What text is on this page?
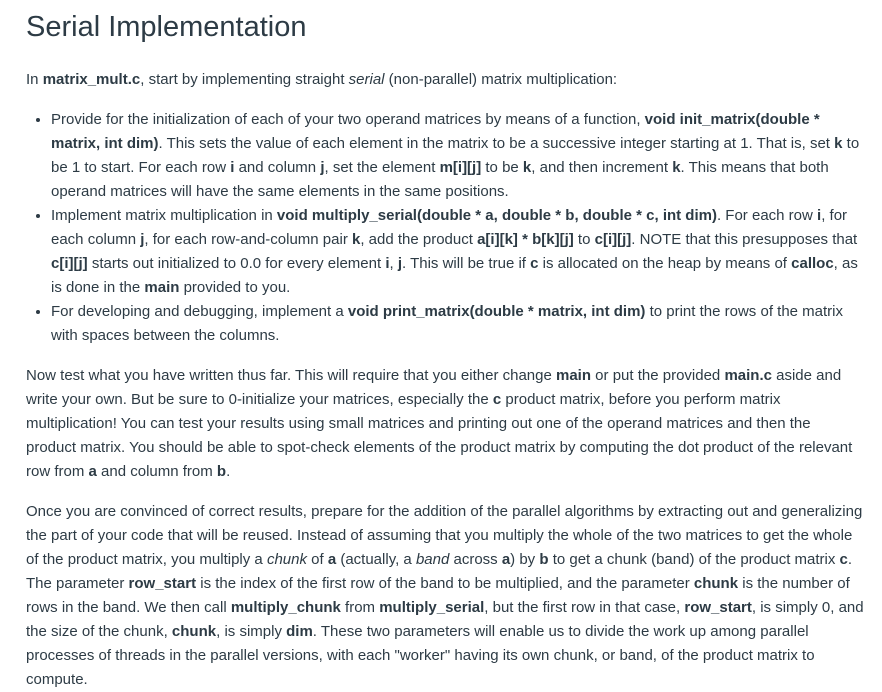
Serial Implementation

In matrix_mult.c, start by implementing straight serial (non-parallel) matrix multiplication:

• Provide for the initialization of each of your two operand matrices by means of a function, void init_matrix(double * matrix, int dim). This sets the value of each element in the matrix to be a successive integer starting at 1. That is, set k to be 1 to start. For each row i and column j, set the element m[i][j] to be k, and then increment k. This means that both operand matrices will have the same elements in the same positions.
• Implement matrix multiplication in void multiply_serial(double * a, double * b, double * c, int dim). For each row i, for each column j, for each row-and-column pair k, add the product a[i][k] * b[k][j] to c[i][j]. NOTE that this presupposes that c[i][j] starts out initialized to 0.0 for every element i, j. This will be true if c is allocated on the heap by means of calloc, as is done in the main provided to you.
• For developing and debugging, implement a void print_matrix(double * matrix, int dim) to print the rows of the matrix with spaces between the columns.

Now test what you have written thus far. This will require that you either change main or put the provided main.c aside and write your own. But be sure to 0-initialize your matrices, especially the c product matrix, before you perform matrix multiplication! You can test your results using small matrices and printing out one of the operand matrices and then the product matrix. You should be able to spot-check elements of the product matrix by computing the dot product of the relevant row from a and column from b.

Once you are convinced of correct results, prepare for the addition of the parallel algorithms by extracting out and generalizing the part of your code that will be reused. Instead of assuming that you multiply the whole of the two matrices to get the whole of the product matrix, you multiply a chunk of a (actually, a band across a) by b to get a chunk (band) of the product matrix c. The parameter row_start is the index of the first row of the band to be multiplied, and the parameter chunk is the number of rows in the band. We then call multiply_chunk from multiply_serial, but the first row in that case, row_start, is simply 0, and the size of the chunk, chunk, is simply dim. These two parameters will enable us to divide the work up among parallel processes of threads in the parallel versions, with each "worker" having its own chunk, or band, of the product matrix to compute.
